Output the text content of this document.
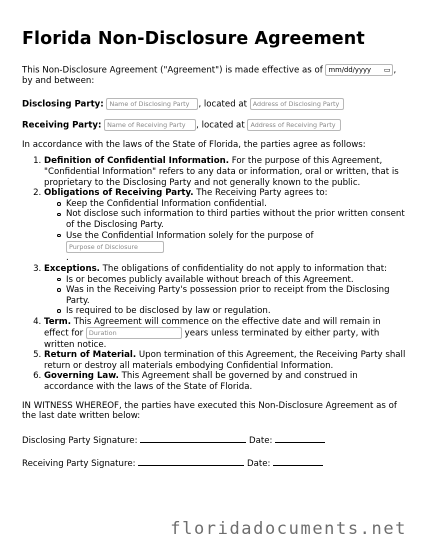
Florida Non-Disclosure Agreement

This Non-Disclosure Agreement ("Agreement") is made effective as of mm/dd/yyyy ▭ , by and between:

Disclosing Party: Name of Disclosing Party , located at Address of Disclosing Party

Receiving Party: Name of Receiving Party , located at Address of Receiving Party

In accordance with the laws of the State of Florida, the parties agree as follows:

1. Definition of Confidential Information. For the purpose of this Agreement, "Confidential Information" refers to any data or information, oral or written, that is proprietary to the Disclosing Party and not generally known to the public.
2. Obligations of Receiving Party. The Receiving Party agrees to:
Keep the Confidential Information confidential.
Not disclose such information to third parties without the prior written consent of the Disclosing Party.
Use the Confidential Information solely for the purpose of Purpose of Disclosure
.
3. Exceptions. The obligations of confidentiality do not apply to information that:
Is or becomes publicly available without breach of this Agreement.
Was in the Receiving Party's possession prior to receipt from the Disclosing Party.
Is required to be disclosed by law or regulation.
4. Term. This Agreement will commence on the effective date and will remain in effect for Duration	years unless terminated by either party, with written notice.
5. Return of Material. Upon termination of this Agreement, the Receiving Party shall return or destroy all materials embodying Confidential Information.
6. Governing Law. This Agreement shall be governed by and construed in accordance with the laws of the State of Florida.

IN WITNESS WHEREOF, the parties have executed this Non-Disclosure Agreement as of the last date written below:

Disclosing Party Signature:	Date:

Receiving Party Signature:	Date:

floridadocuments.net
